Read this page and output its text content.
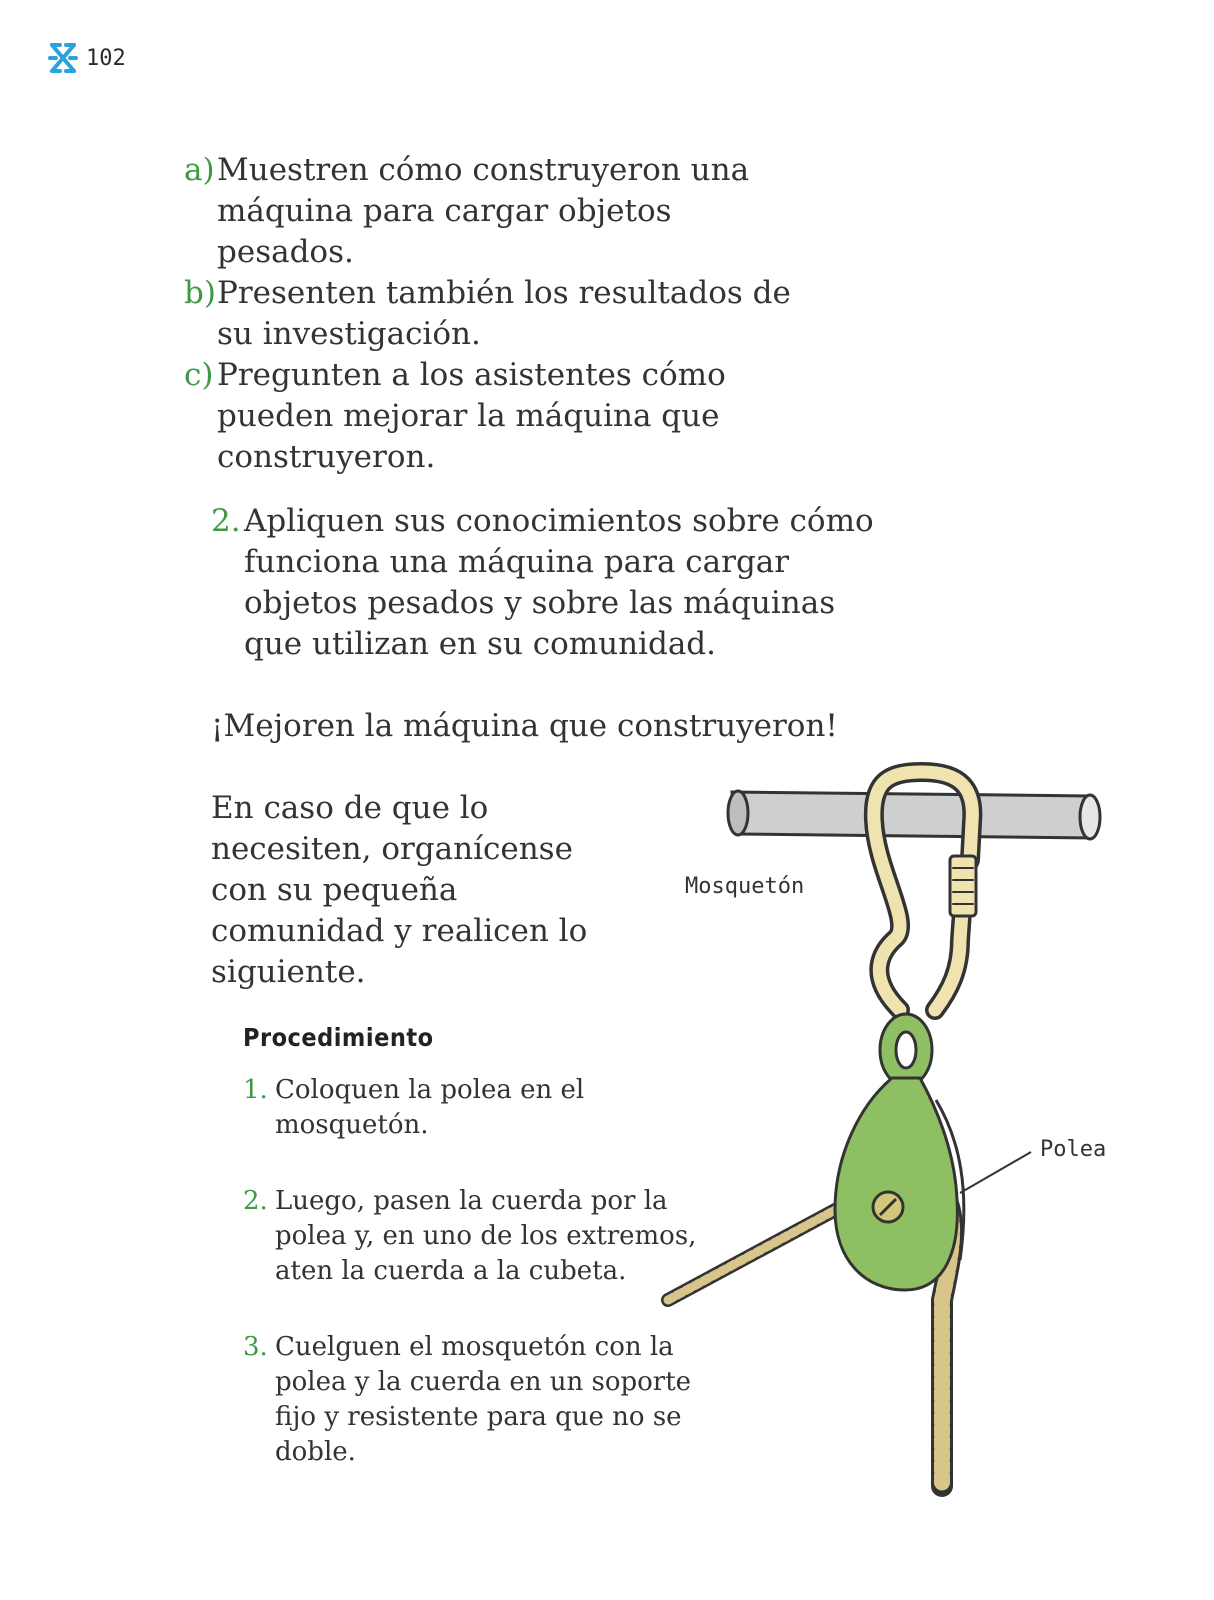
102
a) Muestren cómo construyeron una máquina para cargar objetos pesados.
b) Presenten también los resultados de su investigación.
c) Pregunten a los asistentes cómo pueden mejorar la máquina que construyeron.
2. Apliquen sus conocimientos sobre cómo funciona una máquina para cargar objetos pesados y sobre las máquinas que utilizan en su comunidad.
¡Mejoren la máquina que construyeron!
En caso de que lo necesiten, organícense con su pequeña comunidad y realicen lo siguiente.
Procedimiento
1. Coloquen la polea en el mosquetón.
2. Luego, pasen la cuerda por la polea y, en uno de los extremos, aten la cuerda a la cubeta.
3. Cuelguen el mosquetón con la polea y la cuerda en un soporte fijo y resistente para que no se doble.
Mosquetón
Polea
